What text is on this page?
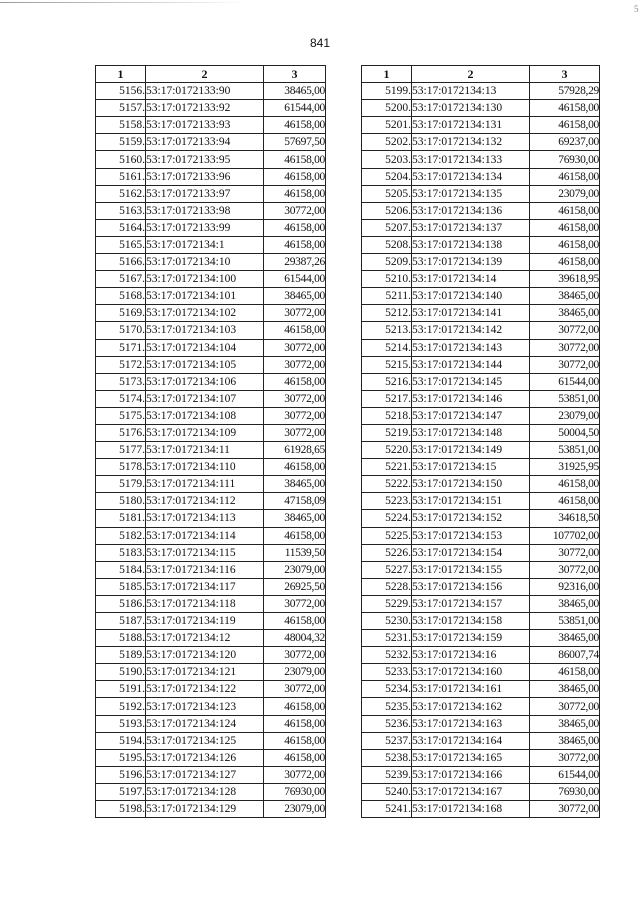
5
841
1	2	3
5156.	53:17:0172133:90	38465,00
5157.	53:17:0172133:92	61544,00
5158.	53:17:0172133:93	46158,00
5159.	53:17:0172133:94	57697,50
5160.	53:17:0172133:95	46158,00
5161.	53:17:0172133:96	46158,00
5162.	53:17:0172133:97	46158,00
5163.	53:17:0172133:98	30772,00
5164.	53:17:0172133:99	46158,00
5165.	53:17:0172134:1	46158,00
5166.	53:17:0172134:10	29387,26
5167.	53:17:0172134:100	61544,00
5168.	53:17:0172134:101	38465,00
5169.	53:17:0172134:102	30772,00
5170.	53:17:0172134:103	46158,00
5171.	53:17:0172134:104	30772,00
5172.	53:17:0172134:105	30772,00
5173.	53:17:0172134:106	46158,00
5174.	53:17:0172134:107	30772,00
5175.	53:17:0172134:108	30772,00
5176.	53:17:0172134:109	30772,00
5177.	53:17:0172134:11	61928,65
5178.	53:17:0172134:110	46158,00
5179.	53:17:0172134:111	38465,00
5180.	53:17:0172134:112	47158,09
5181.	53:17:0172134:113	38465,00
5182.	53:17:0172134:114	46158,00
5183.	53:17:0172134:115	11539,50
5184.	53:17:0172134:116	23079,00
5185.	53:17:0172134:117	26925,50
5186.	53:17:0172134:118	30772,00
5187.	53:17:0172134:119	46158,00
5188.	53:17:0172134:12	48004,32
5189.	53:17:0172134:120	30772,00
5190.	53:17:0172134:121	23079,00
5191.	53:17:0172134:122	30772,00
5192.	53:17:0172134:123	46158,00
5193.	53:17:0172134:124	46158,00
5194.	53:17:0172134:125	46158,00
5195.	53:17:0172134:126	46158,00
5196.	53:17:0172134:127	30772,00
5197.	53:17:0172134:128	76930,00
5198.	53:17:0172134:129	23079,00
1	2	3
5199.	53:17:0172134:13	57928,29
5200.	53:17:0172134:130	46158,00
5201.	53:17:0172134:131	46158,00
5202.	53:17:0172134:132	69237,00
5203.	53:17:0172134:133	76930,00
5204.	53:17:0172134:134	46158,00
5205.	53:17:0172134:135	23079,00
5206.	53:17:0172134:136	46158,00
5207.	53:17:0172134:137	46158,00
5208.	53:17:0172134:138	46158,00
5209.	53:17:0172134:139	46158,00
5210.	53:17:0172134:14	39618,95
5211.	53:17:0172134:140	38465,00
5212.	53:17:0172134:141	38465,00
5213.	53:17:0172134:142	30772,00
5214.	53:17:0172134:143	30772,00
5215.	53:17:0172134:144	30772,00
5216.	53:17:0172134:145	61544,00
5217.	53:17:0172134:146	53851,00
5218.	53:17:0172134:147	23079,00
5219.	53:17:0172134:148	50004,50
5220.	53:17:0172134:149	53851,00
5221.	53:17:0172134:15	31925,95
5222.	53:17:0172134:150	46158,00
5223.	53:17:0172134:151	46158,00
5224.	53:17:0172134:152	34618,50
5225.	53:17:0172134:153	107702,00
5226.	53:17:0172134:154	30772,00
5227.	53:17:0172134:155	30772,00
5228.	53:17:0172134:156	92316,00
5229.	53:17:0172134:157	38465,00
5230.	53:17:0172134:158	53851,00
5231.	53:17:0172134:159	38465,00
5232.	53:17:0172134:16	86007,74
5233.	53:17:0172134:160	46158,00
5234.	53:17:0172134:161	38465,00
5235.	53:17:0172134:162	30772,00
5236.	53:17:0172134:163	38465,00
5237.	53:17:0172134:164	38465,00
5238.	53:17:0172134:165	30772,00
5239.	53:17:0172134:166	61544,00
5240.	53:17:0172134:167	76930,00
5241.	53:17:0172134:168	30772,00
